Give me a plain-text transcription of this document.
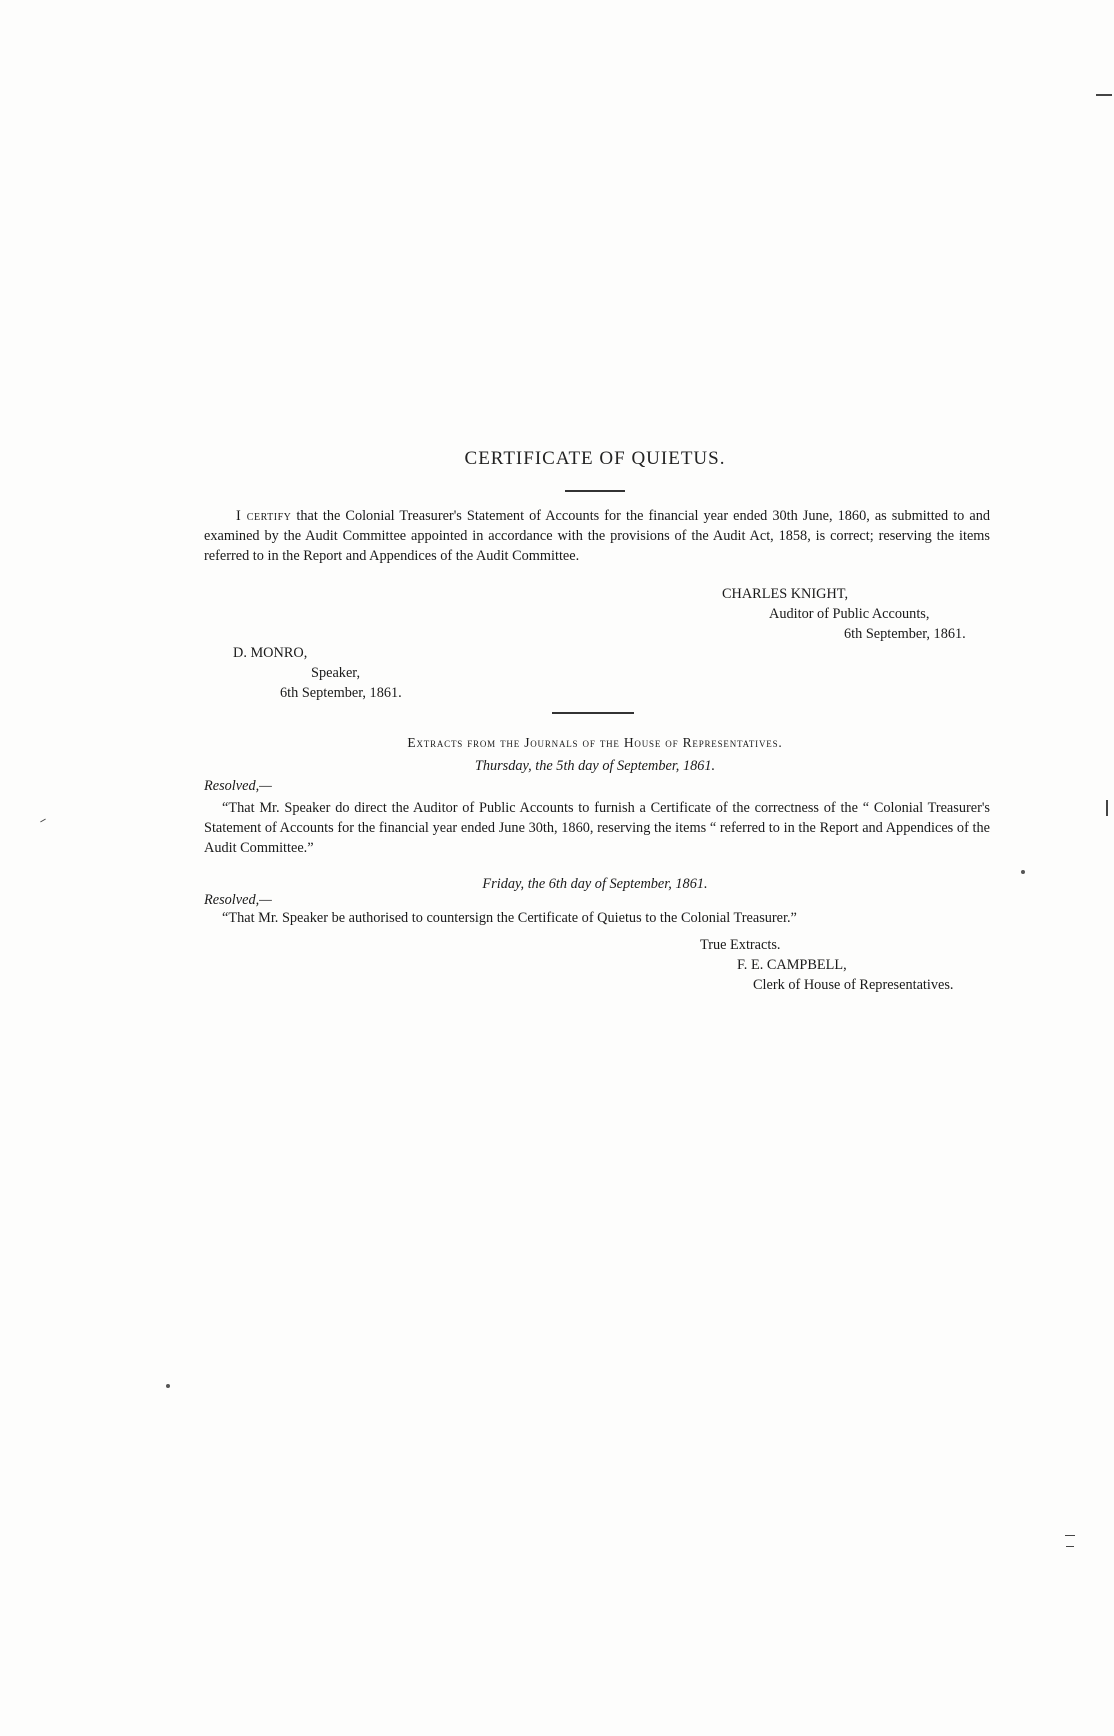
CERTIFICATE OF QUIETUS.
I certify that the Colonial Treasurer's Statement of Accounts for the financial year ended 30th June, 1860, as submitted to and examined by the Audit Committee appointed in accordance with the provisions of the Audit Act, 1858, is correct; reserving the items referred to in the Report and Appendices of the Audit Committee.
CHARLES KNIGHT,
Auditor of Public Accounts,
6th September, 1861.
D. MONRO,
Speaker,
6th September, 1861.
Extracts from the Journals of the House of Representatives.
Thursday, the 5th day of September, 1861.
Resolved,—
“That Mr. Speaker do direct the Auditor of Public Accounts to furnish a Certificate of the correctness of the “ Colonial Treasurer's Statement of Accounts for the financial year ended June 30th, 1860, reserving the items “ referred to in the Report and Appendices of the Audit Committee.”
Friday, the 6th day of September, 1861.
Resolved,—
“That Mr. Speaker be authorised to countersign the Certificate of Quietus to the Colonial Treasurer.”
True Extracts.
F. E. CAMPBELL,
Clerk of House of Representatives.
